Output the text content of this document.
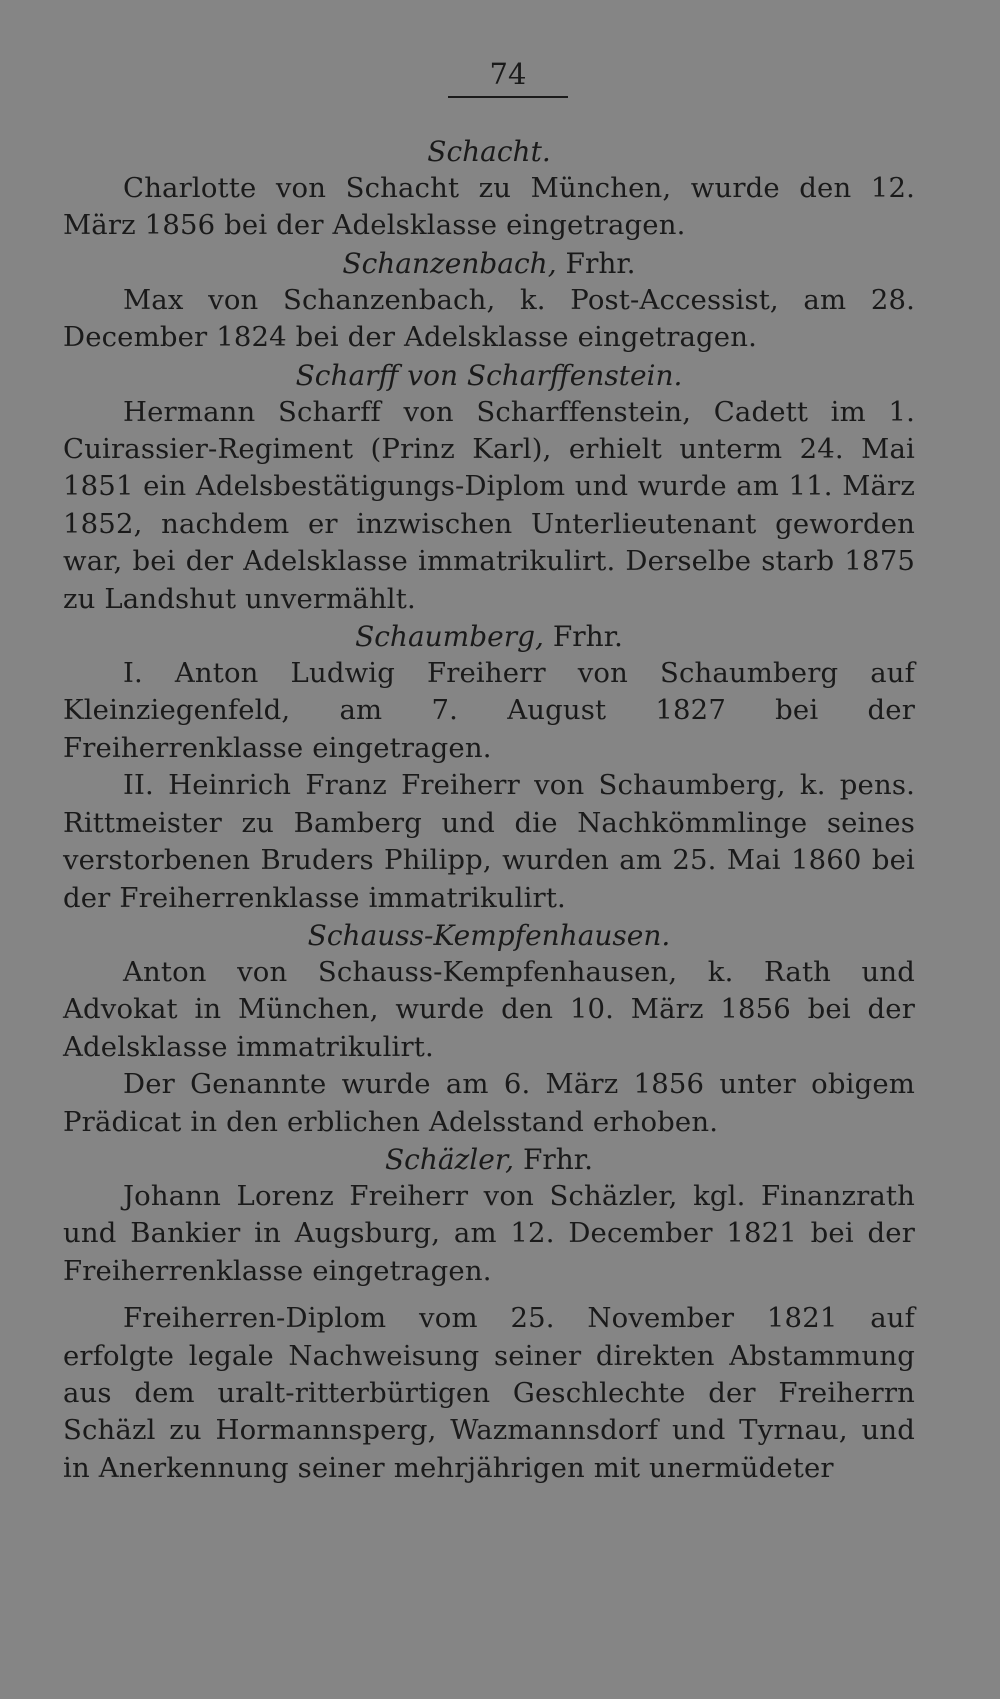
74

Schacht.

Charlotte von Schacht zu München, wurde den 12. März 1856 bei der Adelsklasse eingetragen.

Schanzenbach, Frhr.

Max von Schanzenbach, k. Post-Accessist, am 28. December 1824 bei der Adelsklasse eingetragen.

Scharff von Scharffenstein.

Hermann Scharff von Scharffenstein, Cadett im 1. Cuirassier-Regiment (Prinz Karl), erhielt unterm 24. Mai 1851 ein Adelsbestätigungs-Diplom und wurde am 11. März 1852, nachdem er inzwischen Unterlieutenant geworden war, bei der Adelsklasse immatrikulirt. Derselbe starb 1875 zu Landshut unvermählt.

Schaumberg, Frhr.

I. Anton Ludwig Freiherr von Schaumberg auf Kleinziegenfeld, am 7. August 1827 bei der Freiherrenklasse eingetragen.

II. Heinrich Franz Freiherr von Schaumberg, k. pens. Rittmeister zu Bamberg und die Nachkömmlinge seines verstorbenen Bruders Philipp, wurden am 25. Mai 1860 bei der Freiherrenklasse immatrikulirt.

Schauss-Kempfenhausen.

Anton von Schauss-Kempfenhausen, k. Rath und Advokat in München, wurde den 10. März 1856 bei der Adelsklasse immatrikulirt.

Der Genannte wurde am 6. März 1856 unter obigem Prädicat in den erblichen Adelsstand erhoben.

Schäzler, Frhr.

Johann Lorenz Freiherr von Schäzler, kgl. Finanzrath und Bankier in Augsburg, am 12. December 1821 bei der Freiherrenklasse eingetragen.

Freiherren-Diplom vom 25. November 1821 auf erfolgte legale Nachweisung seiner direkten Abstammung aus dem uralt-ritterbürtigen Geschlechte der Freiherrn Schäzl zu Hormannsperg, Wazmannsdorf und Tyrnau, und in Anerkennung seiner mehrjährigen mit unermüdeter
